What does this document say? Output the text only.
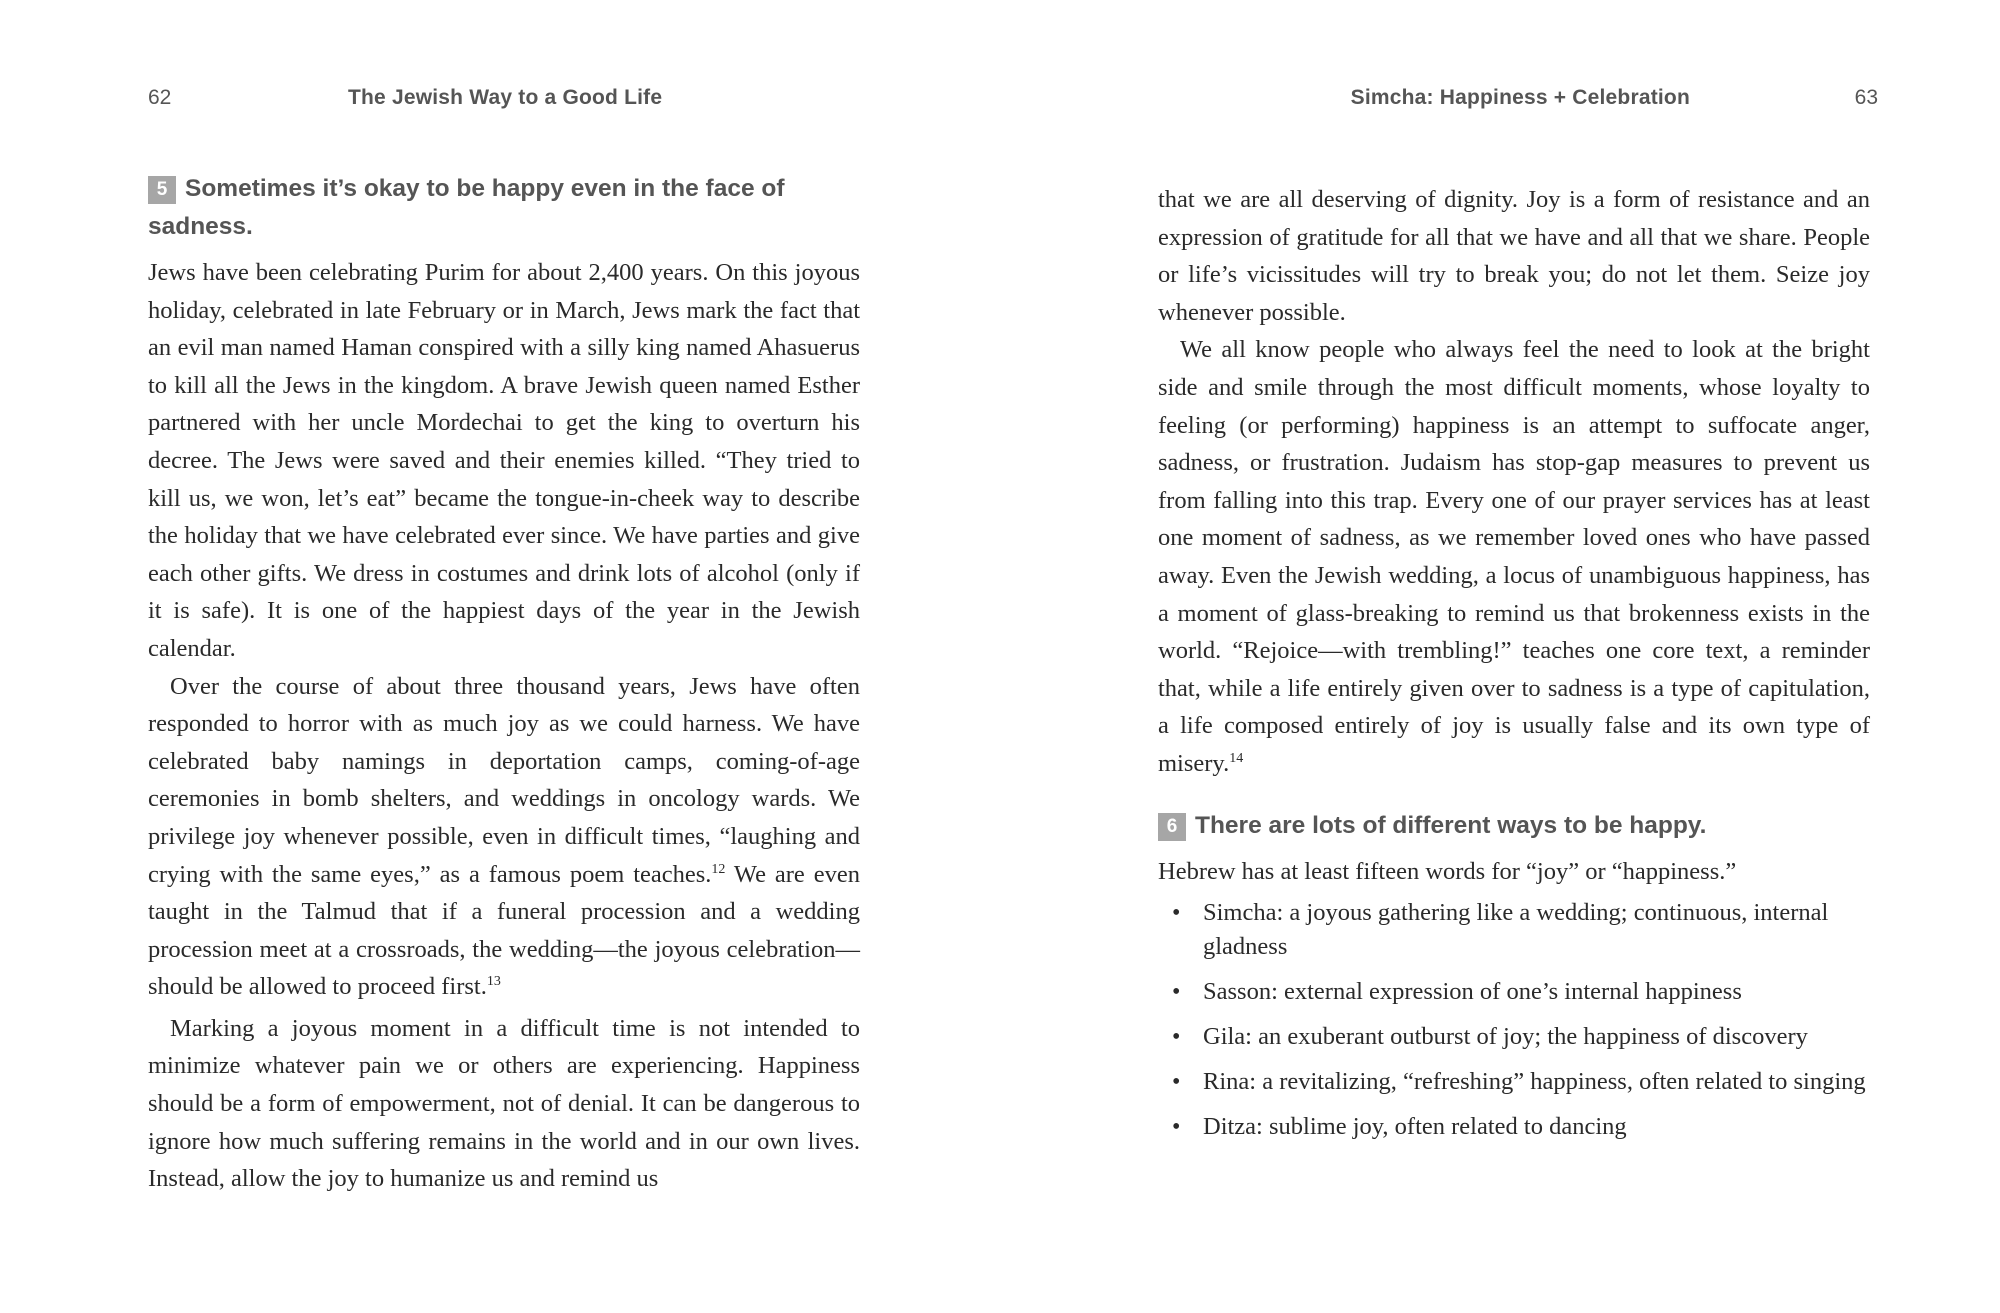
62	The Jewish Way to a Good Life
5 Sometimes it’s okay to be happy even in the face of sadness.

Jews have been celebrating Purim for about 2,400 years. On this joyous holiday, celebrated in late February or in March, Jews mark the fact that an evil man named Haman conspired with a silly king named Ahasuerus to kill all the Jews in the kingdom. A brave Jewish queen named Esther partnered with her uncle Mordechai to get the king to overturn his decree. The Jews were saved and their enemies killed. “They tried to kill us, we won, let’s eat” became the tongue-in-cheek way to describe the holiday that we have celebrated ever since. We have parties and give each other gifts. We dress in costumes and drink lots of alcohol (only if it is safe). It is one of the happiest days of the year in the Jewish calendar.

Over the course of about three thousand years, Jews have often responded to horror with as much joy as we could harness. We have celebrated baby namings in deportation camps, coming-of-age ceremonies in bomb shelters, and weddings in oncology wards. We privilege joy whenever possible, even in difficult times, “laughing and crying with the same eyes,” as a famous poem teaches.$^{12}$ We are even taught in the Talmud that if a funeral procession and a wedding procession meet at a crossroads, the wedding—the joyous celebration—should be allowed to proceed first.$^{13}$

Marking a joyous moment in a difficult time is not intended to minimize whatever pain we or others are experiencing. Happiness should be a form of empowerment, not of denial. It can be dangerous to ignore how much suffering remains in the world and in our own lives. Instead, allow the joy to humanize us and remind us

Simcha: Happiness + Celebration	63

that we are all deserving of dignity. Joy is a form of resistance and an expression of gratitude for all that we have and all that we share. People or life’s vicissitudes will try to break you; do not let them. Seize joy whenever possible.

We all know people who always feel the need to look at the bright side and smile through the most difficult moments, whose loyalty to feeling (or performing) happiness is an attempt to suffocate anger, sadness, or frustration. Judaism has stop-gap measures to prevent us from falling into this trap. Every one of our prayer services has at least one moment of sadness, as we remember loved ones who have passed away. Even the Jewish wedding, a locus of unambiguous happiness, has a moment of glass-breaking to remind us that brokenness exists in the world. “Rejoice—with trembling!” teaches one core text, a reminder that, while a life entirely given over to sadness is a type of capitulation, a life composed entirely of joy is usually false and its own type of misery.$^{14}$

6 There are lots of different ways to be happy.

Hebrew has at least fifteen words for “joy” or “happiness.”

• Simcha: a joyous gathering like a wedding; continuous, internal gladness
• Sasson: external expression of one’s internal happiness
• Gila: an exuberant outburst of joy; the happiness of discovery
• Rina: a revitalizing, “refreshing” happiness, often related to singing
• Ditza: sublime joy, often related to dancing
